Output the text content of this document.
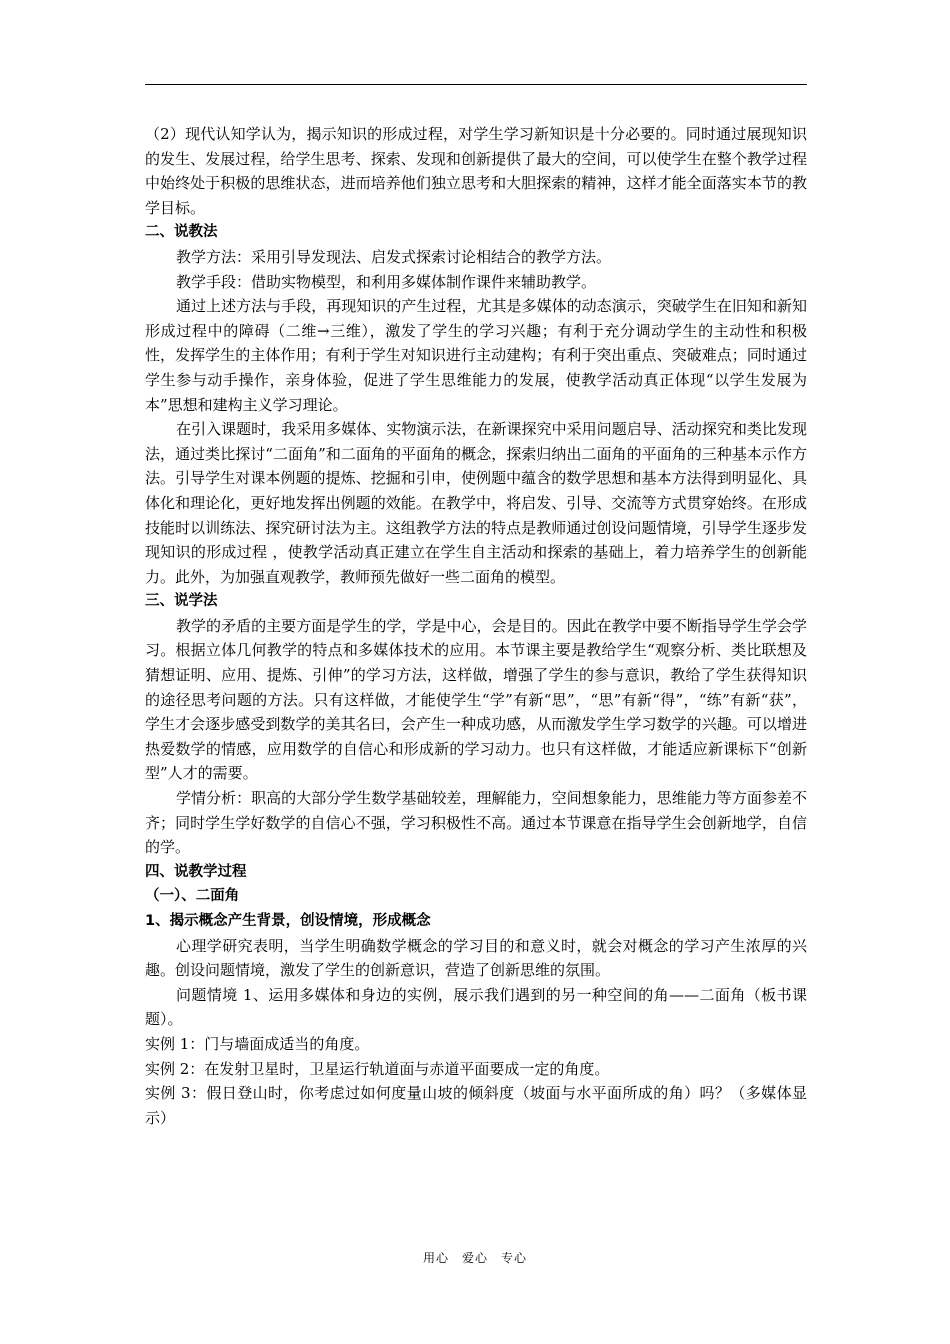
（2）现代认知学认为，揭示知识的形成过程，对学生学习新知识是十分必要的。同时通过展现知识的发生、发展过程，给学生思考、探索、发现和创新提供了最大的空间，可以使学生在整个教学过程中始终处于积极的思维状态，进而培养他们独立思考和大胆探索的精神，这样才能全面落实本节的教学目标。

二、说教法

教学方法：采用引导发现法、启发式探索讨论相结合的教学方法。

教学手段：借助实物模型，和利用多媒体制作课件来辅助教学。

通过上述方法与手段，再现知识的产生过程，尤其是多媒体的动态演示，突破学生在旧知和新知形成过程中的障碍（二维→三维），激发了学生的学习兴趣；有利于充分调动学生的主动性和积极性，发挥学生的主体作用；有利于学生对知识进行主动建构；有利于突出重点、突破难点；同时通过学生参与动手操作，亲身体验，促进了学生思维能力的发展，使教学活动真正体现“以学生发展为本”思想和建构主义学习理论。

在引入课题时，我采用多媒体、实物演示法，在新课探究中采用问题启导、活动探究和类比发现法，通过类比探讨“二面角”和二面角的平面角的概念，探索归纳出二面角的平面角的三种基本示作方法。引导学生对课本例题的提炼、挖掘和引申，使例题中蕴含的数学思想和基本方法得到明显化、具体化和理论化，更好地发挥出例题的效能。在教学中，将启发、引导、交流等方式贯穿始终。在形成技能时以训练法、探究研讨法为主。这组教学方法的特点是教师通过创设问题情境，引导学生逐步发现知识的形成过程 ，使教学活动真正建立在学生自主活动和探索的基础上，着力培养学生的创新能力。此外，为加强直观教学，教师预先做好一些二面角的模型。

三、说学法

教学的矛盾的主要方面是学生的学，学是中心，会是目的。因此在教学中要不断指导学生学会学习。根据立体几何教学的特点和多媒体技术的应用。本节课主要是教给学生“观察分析、类比联想及猜想证明、应用、提炼、引伸”的学习方法，这样做，增强了学生的参与意识，教给了学生获得知识的途径思考问题的方法。只有这样做，才能使学生“学”有新“思”，“思”有新“得”，“练”有新“获”，学生才会逐步感受到数学的美其名曰，会产生一种成功感，从而激发学生学习数学的兴趣。可以增进热爱数学的情感，应用数学的自信心和形成新的学习动力。也只有这样做，才能适应新课标下“创新型”人才的需要。

学情分析：职高的大部分学生数学基础较差，理解能力，空间想象能力，思维能力等方面参差不齐；同时学生学好数学的自信心不强，学习积极性不高。通过本节课意在指导学生会创新地学，自信的学。

四、说教学过程

（一）、二面角

1、揭示概念产生背景，创设情境，形成概念

心理学研究表明，当学生明确数学概念的学习目的和意义时，就会对概念的学习产生浓厚的兴趣。创设问题情境，激发了学生的创新意识，营造了创新思维的氛围。

问题情境 1、运用多媒体和身边的实例，展示我们遇到的另一种空间的角——二面角（板书课题）。

实例 1：门与墙面成适当的角度。

实例 2：在发射卫星时，卫星运行轨道面与赤道平面要成一定的角度。

实例 3：假日登山时，你考虑过如何度量山坡的倾斜度（坡面与水平面所成的角）吗？（多媒体显示）

用心　爱心　专心
